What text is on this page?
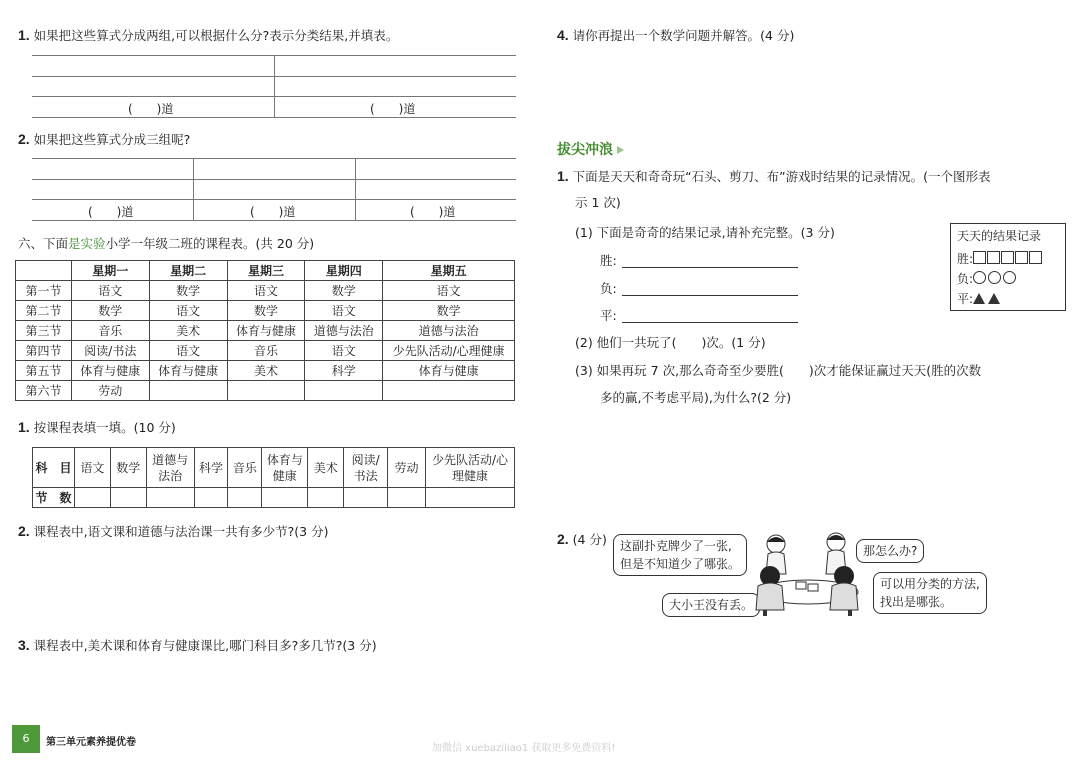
1. 如果把这些算式分成两组,可以根据什么分?表示分类结果,并填表。
(　　)道	(　　)道
2. 如果把这些算式分成三组呢?
(　　)道	(　　)道	(　　)道
六、下面是实验小学一年级二班的课程表。(共 20 分)
	星期一	星期二	星期三	星期四	星期五
第一节	语文	数学	语文	数学	语文
第二节	数学	语文	数学	语文	数学
第三节	音乐	美术	体育与健康	道德与法治	道德与法治
第四节	阅读/书法	语文	音乐	语文	少先队活动/心理健康
第五节	体育与健康	体育与健康	美术	科学	体育与健康
第六节	劳动				
1. 按课程表填一填。(10 分)
科　目	语文	数学	道德与法治	科学	音乐	体育与健康	美术	阅读/书法	劳动	少先队活动/心理健康
节　数										
2. 课程表中,语文课和道德与法治课一共有多少节?(3 分)
3. 课程表中,美术课和体育与健康课比,哪门科目多?多几节?(3 分)
4. 请你再提出一个数学问题并解答。(4 分)
拔尖冲浪
1. 下面是天天和奇奇玩“石头、剪刀、布”游戏时结果的记录情况。(一个图形表
示 1 次)
(1) 下面是奇奇的结果记录,请补充完整。(3 分)
胜:
负:
平:
天天的结果记录
胜:
负:
平:
(2) 他们一共玩了(　　)次。(1 分)
(3) 如果再玩 7 次,那么奇奇至少要胜(　　)次才能保证赢过天天(胜的次数
多的赢,不考虑平局),为什么?(2 分)
2. (4 分) 这副扑克牌少了一张,
但是不知道少了哪张。
那怎么办?
可以用分类的方法,
找出是哪张。
大小王没有丢。
6	第三单元素养提优卷
加微信 xuebaziliao1 获取更多免费资料!
